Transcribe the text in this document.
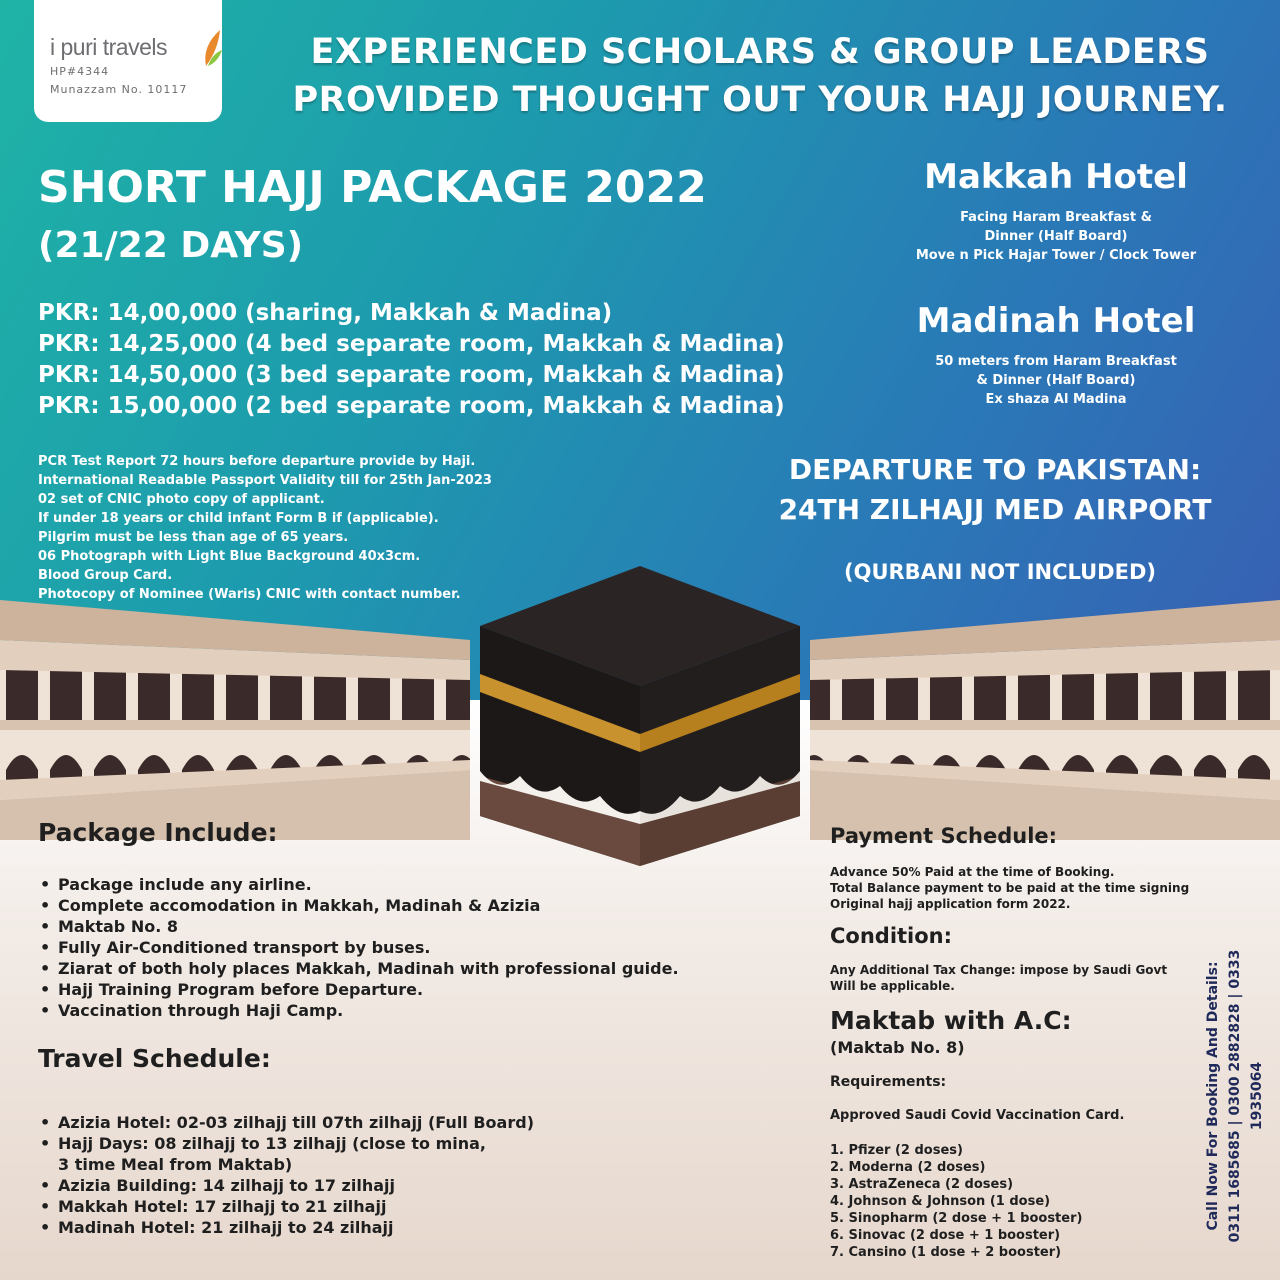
i puri travels
HP#4344
Munazzam No. 10117
EXPERIENCED SCHOLARS & GROUP LEADERS
PROVIDED THOUGHT OUT YOUR HAJJ JOURNEY.
SHORT HAJJ PACKAGE 2022
(21/22 DAYS)
PKR: 14,00,000 (sharing, Makkah & Madina)
PKR: 14,25,000 (4 bed separate room, Makkah & Madina)
PKR: 14,50,000 (3 bed separate room, Makkah & Madina)
PKR: 15,00,000 (2 bed separate room, Makkah & Madina)
PCR Test Report 72 hours before departure provide by Haji.
International Readable Passport Validity till for 25th Jan-2023
02 set of CNIC photo copy of applicant.
If under 18 years or child infant Form B if (applicable).
Pilgrim must be less than age of 65 years.
06 Photograph with Light Blue Background 40x3cm.
Blood Group Card.
Photocopy of Nominee (Waris) CNIC with contact number.
Makkah Hotel

Facing Haram Breakfast &
Dinner (Half Board)
Move n Pick Hajar Tower / Clock Tower

Madinah Hotel

50 meters from Haram Breakfast
& Dinner (Half Board)
Ex shaza Al Madina

DEPARTURE TO PAKISTAN:
24TH ZILHAJJ MED AIRPORT
(QURBANI NOT INCLUDED)
Package Include:
• Package include any airline.
• Complete accomodation in Makkah, Madinah & Azizia
• Maktab No. 8
• Fully Air-Conditioned transport by buses.
• Ziarat of both holy places Makkah, Madinah with professional guide.
• Hajj Training Program before Departure.
• Vaccination through Haji Camp.
Travel Schedule:
• Azizia Hotel: 02-03 zilhajj till 07th zilhajj (Full Board)
• Hajj Days: 08 zilhajj to 13 zilhajj (close to mina,
3 time Meal from Maktab)
• Azizia Building: 14 zilhajj to 17 zilhajj
• Makkah Hotel: 17 zilhajj to 21 zilhajj
• Madinah Hotel: 21 zilhajj to 24 zilhajj
Payment Schedule:
Advance 50% Paid at the time of Booking.
Total Balance payment to be paid at the time signing
Original hajj application form 2022.
Condition:
Any Additional Tax Change: impose by Saudi Govt
Will be applicable.
Maktab with A.C:
(Maktab No. 8)
Requirements:
Approved Saudi Covid Vaccination Card.
1. Pfizer (2 doses)
2. Moderna (2 doses)
3. AstraZeneca (2 doses)
4. Johnson & Johnson (1 dose)
5. Sinopharm (2 dose + 1 booster)
6. Sinovac (2 dose + 1 booster)
7. Cansino (1 dose + 2 booster)
Call Now For Booking And Details: 0311 1685685 | 0300 2882828 | 0333 1935064
